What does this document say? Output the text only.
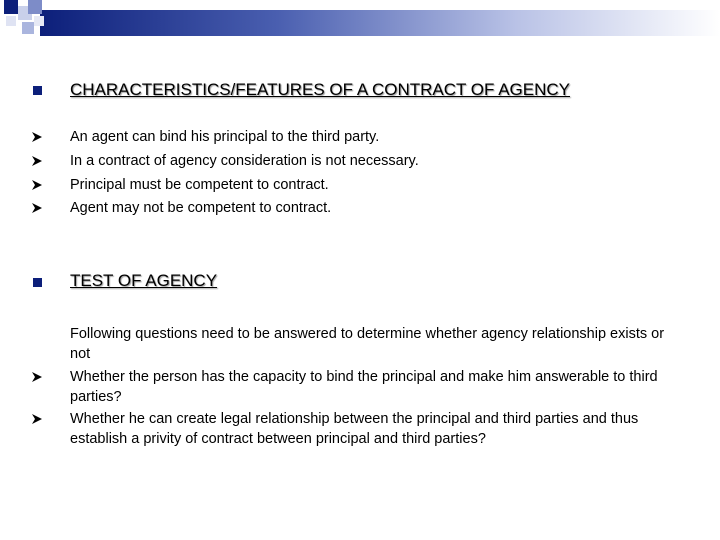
CHARACTERISTICS/FEATURES OF A CONTRACT OF AGENCY
An agent can bind his principal to the third party.
In a contract of agency consideration is not necessary.
Principal must be competent to contract.
Agent may not be competent to contract.
TEST OF AGENCY
Following questions need to be answered to determine whether agency relationship exists or not
Whether the person has the capacity to bind the principal and make him answerable to third parties?
Whether he can create legal relationship between the principal and third parties and thus establish a privity of contract between principal and third parties?
